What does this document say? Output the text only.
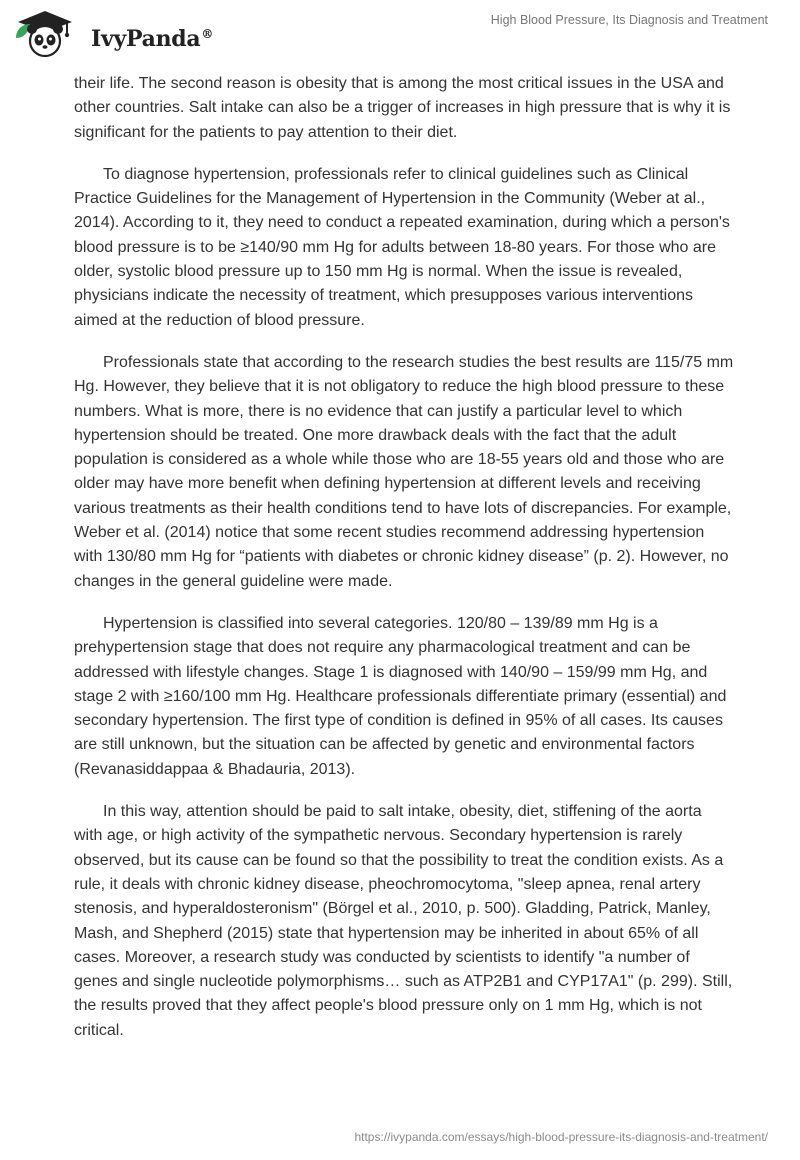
IvyPanda®
High Blood Pressure, Its Diagnosis and Treatment

their life. The second reason is obesity that is among the most critical issues in the USA and other countries. Salt intake can also be a trigger of increases in high pressure that is why it is significant for the patients to pay attention to their diet.

To diagnose hypertension, professionals refer to clinical guidelines such as Clinical Practice Guidelines for the Management of Hypertension in the Community (Weber at al., 2014). According to it, they need to conduct a repeated examination, during which a person's blood pressure is to be ≥140/90 mm Hg for adults between 18-80 years. For those who are older, systolic blood pressure up to 150 mm Hg is normal. When the issue is revealed, physicians indicate the necessity of treatment, which presupposes various interventions aimed at the reduction of blood pressure.

Professionals state that according to the research studies the best results are 115/75 mm Hg. However, they believe that it is not obligatory to reduce the high blood pressure to these numbers. What is more, there is no evidence that can justify a particular level to which hypertension should be treated. One more drawback deals with the fact that the adult population is considered as a whole while those who are 18-55 years old and those who are older may have more benefit when defining hypertension at different levels and receiving various treatments as their health conditions tend to have lots of discrepancies. For example, Weber et al. (2014) notice that some recent studies recommend addressing hypertension with 130/80 mm Hg for “patients with diabetes or chronic kidney disease” (p. 2). However, no changes in the general guideline were made.

Hypertension is classified into several categories. 120/80 – 139/89 mm Hg is a prehypertension stage that does not require any pharmacological treatment and can be addressed with lifestyle changes. Stage 1 is diagnosed with 140/90 – 159/99 mm Hg, and stage 2 with ≥160/100 mm Hg. Healthcare professionals differentiate primary (essential) and secondary hypertension. The first type of condition is defined in 95% of all cases. Its causes are still unknown, but the situation can be affected by genetic and environmental factors (Revanasiddappaa & Bhadauria, 2013).

In this way, attention should be paid to salt intake, obesity, diet, stiffening of the aorta with age, or high activity of the sympathetic nervous. Secondary hypertension is rarely observed, but its cause can be found so that the possibility to treat the condition exists. As a rule, it deals with chronic kidney disease, pheochromocytoma, "sleep apnea, renal artery stenosis, and hyperaldosteronism" (Börgel et al., 2010, p. 500). Gladding, Patrick, Manley, Mash, and Shepherd (2015) state that hypertension may be inherited in about 65% of all cases. Moreover, a research study was conducted by scientists to identify "a number of genes and single nucleotide polymorphisms… such as ATP2B1 and CYP17A1" (p. 299). Still, the results proved that they affect people's blood pressure only on 1 mm Hg, which is not critical.

https://ivypanda.com/essays/high-blood-pressure-its-diagnosis-and-treatment/
